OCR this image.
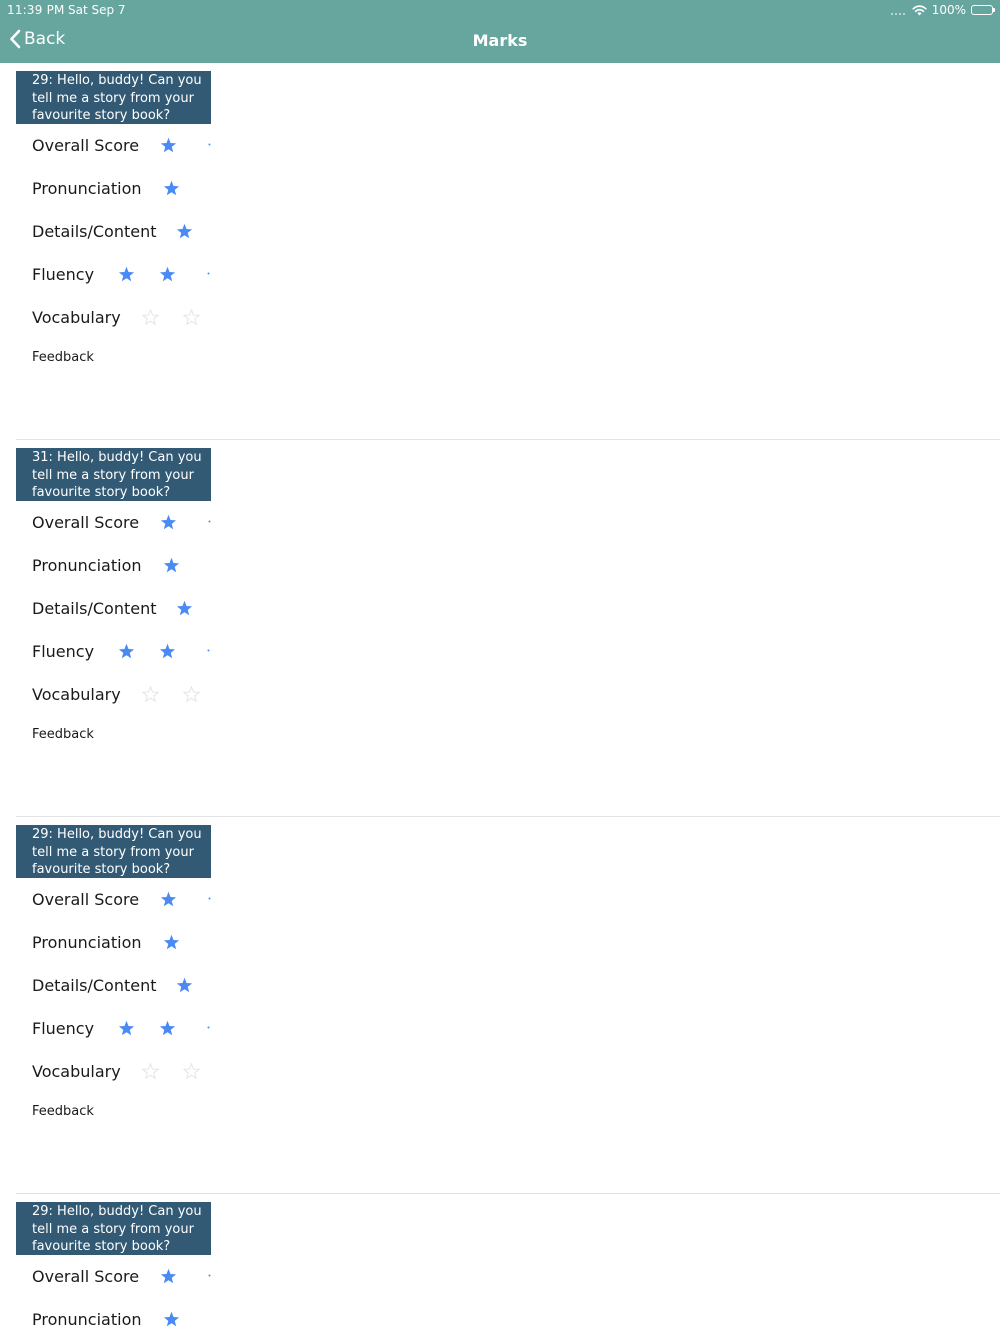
11:39 PM Sat Sep 7	100%
Back	Marks
29: Hello, buddy! Can you tell me a story from your favourite story book?
Overall Score
Pronunciation
Details/Content
Fluency
Vocabulary
Feedback
31: Hello, buddy! Can you tell me a story from your favourite story book?
Overall Score
Pronunciation
Details/Content
Fluency
Vocabulary
Feedback
29: Hello, buddy! Can you tell me a story from your favourite story book?
Overall Score
Pronunciation
Details/Content
Fluency
Vocabulary
Feedback
29: Hello, buddy! Can you tell me a story from your favourite story book?
Overall Score
Pronunciation
